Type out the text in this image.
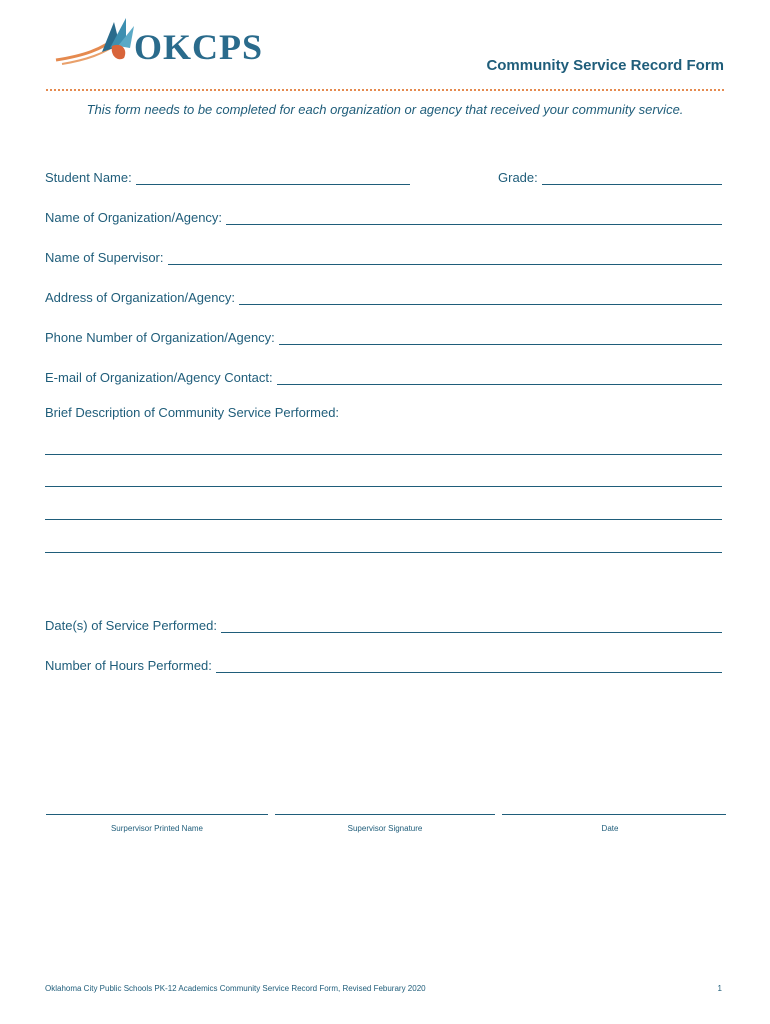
OKCPS	Community Service Record Form
This form needs to be completed for each organization or agency that received your community service.
Student Name:	Grade:
Name of Organization/Agency:
Name of Supervisor:
Address of Organization/Agency:
Phone Number of Organization/Agency:
E-mail of Organization/Agency Contact:
Brief Description of Community Service Performed:
Date(s) of Service Performed:
Number of Hours Performed:
Surpervisor Printed Name	Supervisor Signature	Date
Oklahoma City Public Schools PK-12 Academics Community Service Record Form, Revised Feburary 2020	1
